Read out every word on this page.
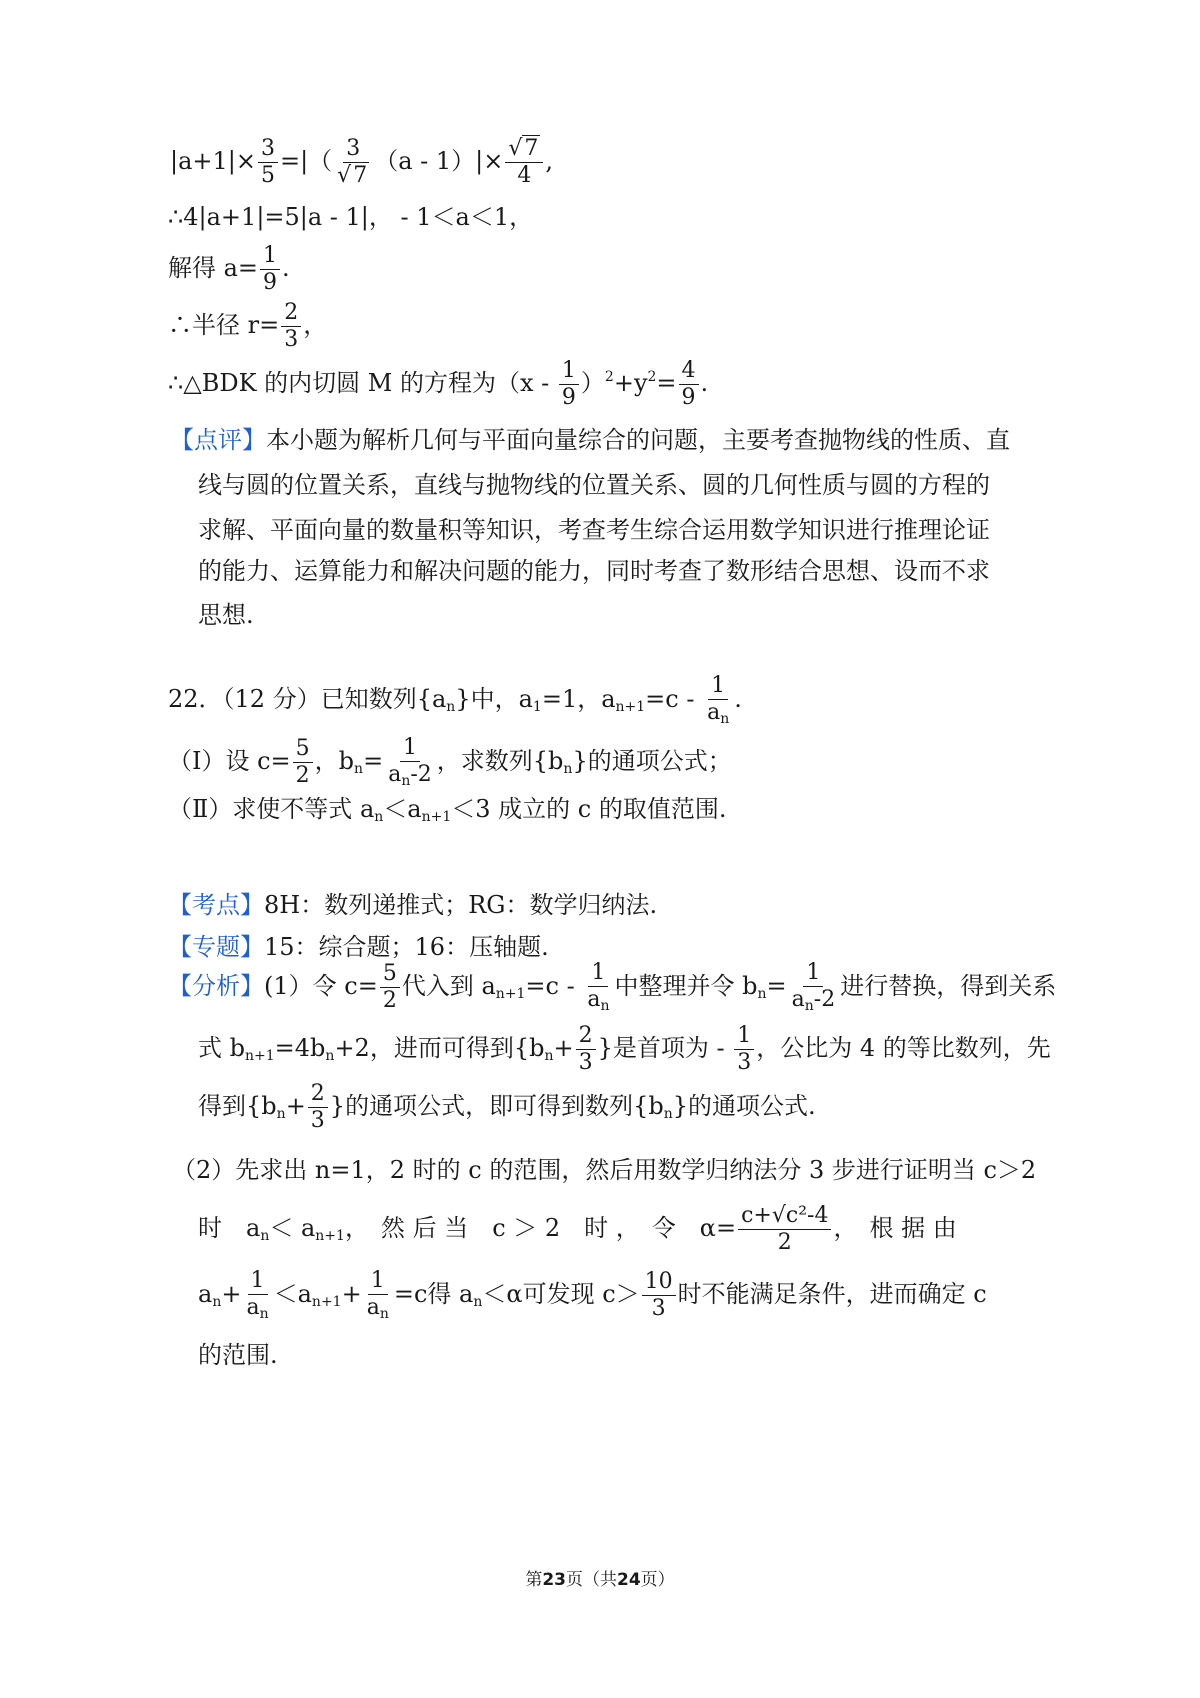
$|a+1|\times \frac{3}{5}$ =|（ $\frac{3}{√7} (a - 1)|\times \frac{√7}{4}$ ,
∴4|a+1|=5|a - 1|， - 1＜a＜1，
解得 $a= \frac{1}{9}$ .
∴半径 $r= \frac{2}{3}$ ，
∴△BDK 的内切圆 M 的方程为$(x - \frac{1}{9} )^2+y^2= \frac{4}{9}$ .
【点评】本小题为解析几何与平面向量综合的问题，主要考查抛物线的性质、直
线与圆的位置关系，直线与抛物线的位置关系、圆的几何性质与圆的方程的
求解、平面向量的数量积等知识，考查考生综合运用数学知识进行推理论证
的能力、运算能力和解决问题的能力，同时考查了数形结合思想、设而不求
思想.
22．（12 分）已知数列$\{a_n\}$中，$a_1=1$，$a_{n+1}=c - \frac{1}{a_n}$ .
（Ⅰ）设 $c= \frac{5}{2}$ ，$b_n= \frac{1}{a_n-2}$ ，求数列$\{b_n\}$的通项公式；
（Ⅱ）求使不等式 $a_n<a_{n+1}<3$ 成立的 c 的取值范围.
【考点】8H：数列递推式；RG：数学归纳法.
【专题】15：综合题；16：压轴题.
【分析】(1）令 $c= \frac{5}{2}$ 代入到 $a_{n+1}=c - \frac{1}{a_n}$ 中整理并令 $b_n= \frac{1}{a_n-2}$ 进行替换，得到关系
式 $b_{n+1}=4b_n+2$，进而可得到{$b_n+ \frac{2}{3}$ }是首项为 - $\frac{1}{3}$ ，公比为 4 的等比数列，先
得到{$b_n+ \frac{2}{3}$ }的通项公式，即可得到数列$\{b_n\}$的通项公式.
（2）先求出 n=1，2 时的 c 的范围，然后用数学归纳法分 3 步进行证明当 c＞2
时　$a_n< a_{n+1}$，　然 后 当　c ＞ 2　时 ，　令　$\alpha= \frac{\text{c+√c²-4}}{2}$ ，　根 据 由
$a_n+ \frac{1}{a_n} <a_{n+1}+ \frac{1}{a_n} =c$得 $a_n<\alpha$可发现 $c> \frac{10}{3}$ 时不能满足条件，进而确定 c
的范围.
第23页（共24页）
